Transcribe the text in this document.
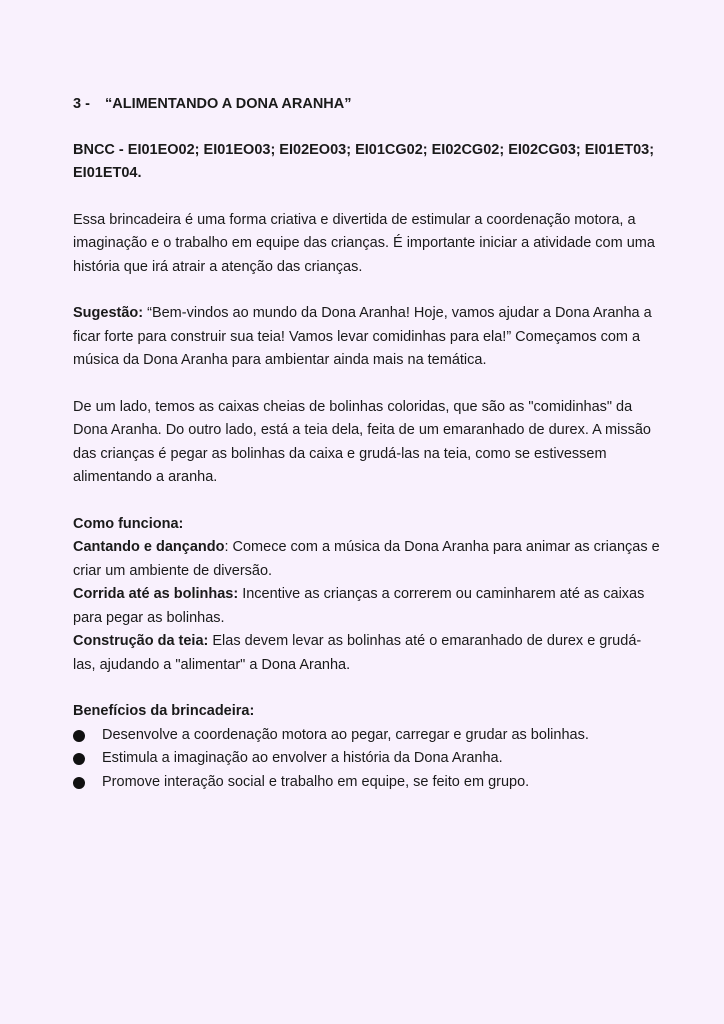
3 - “ALIMENTANDO A DONA ARANHA”

BNCC - EI01EO02; EI01EO03; EI02EO03; EI01CG02; EI02CG02; EI02CG03; EI01ET03; EI01ET04.

Essa brincadeira é uma forma criativa e divertida de estimular a coordenação motora, a imaginação e o trabalho em equipe das crianças. É importante iniciar a atividade com uma história que irá atrair a atenção das crianças.

Sugestão: “Bem-vindos ao mundo da Dona Aranha! Hoje, vamos ajudar a Dona Aranha a ficar forte para construir sua teia! Vamos levar comidinhas para ela!” Começamos com a música da Dona Aranha para ambientar ainda mais na temática.

De um lado, temos as caixas cheias de bolinhas coloridas, que são as "comidinhas" da Dona Aranha. Do outro lado, está a teia dela, feita de um emaranhado de durex. A missão das crianças é pegar as bolinhas da caixa e grudá-las na teia, como se estivessem alimentando a aranha.

Como funciona:

Cantando e dançando: Comece com a música da Dona Aranha para animar as crianças e criar um ambiente de diversão.

Corrida até as bolinhas: Incentive as crianças a correrem ou caminharem até as caixas para pegar as bolinhas.

Construção da teia: Elas devem levar as bolinhas até o emaranhado de durex e grudá-las, ajudando a "alimentar" a Dona Aranha.

Benefícios da brincadeira:

Desenvolve a coordenação motora ao pegar, carregar e grudar as bolinhas.
Estimula a imaginação ao envolver a história da Dona Aranha.
Promove interação social e trabalho em equipe, se feito em grupo.
